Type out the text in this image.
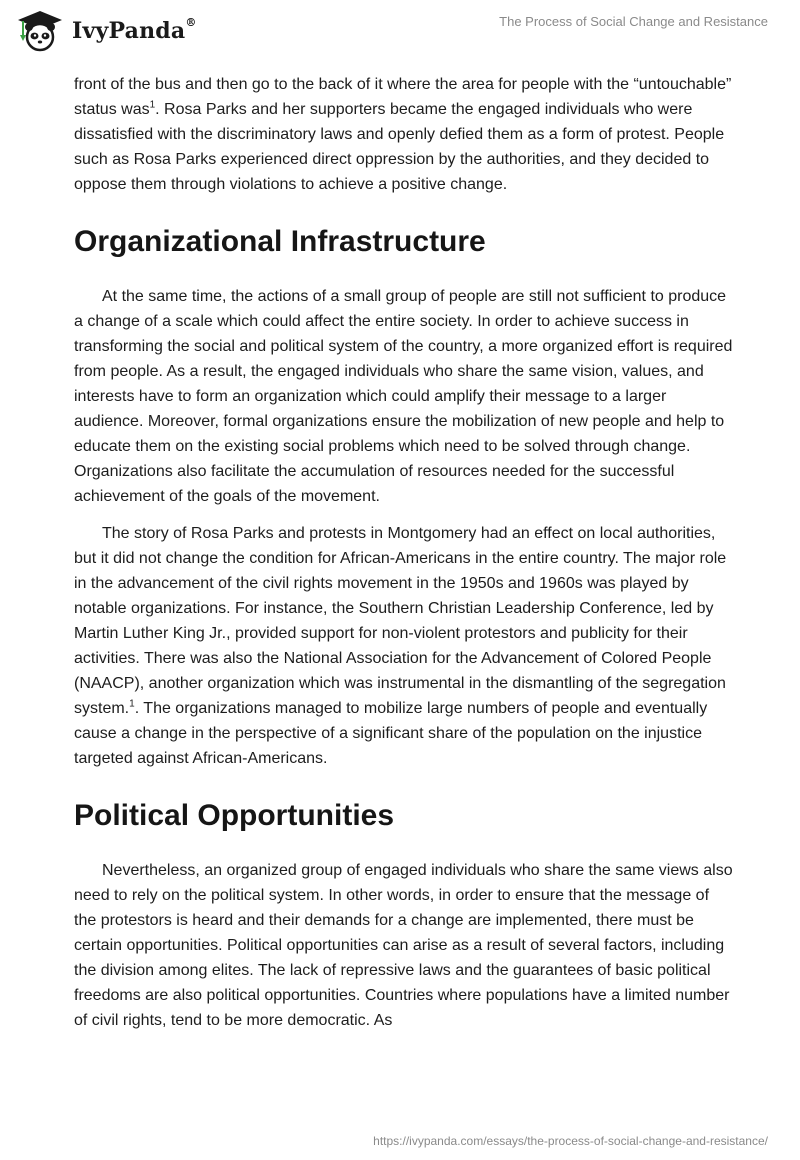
IvyPanda®	The Process of Social Change and Resistance

front of the bus and then go to the back of it where the area for people with the “untouchable” status was$^1$. Rosa Parks and her supporters became the engaged individuals who were dissatisfied with the discriminatory laws and openly defied them as a form of protest. People such as Rosa Parks experienced direct oppression by the authorities, and they decided to oppose them through violations to achieve a positive change.

Organizational Infrastructure

At the same time, the actions of a small group of people are still not sufficient to produce a change of a scale which could affect the entire society. In order to achieve success in transforming the social and political system of the country, a more organized effort is required from people. As a result, the engaged individuals who share the same vision, values, and interests have to form an organization which could amplify their message to a larger audience. Moreover, formal organizations ensure the mobilization of new people and help to educate them on the existing social problems which need to be solved through change. Organizations also facilitate the accumulation of resources needed for the successful achievement of the goals of the movement.

The story of Rosa Parks and protests in Montgomery had an effect on local authorities, but it did not change the condition for African-Americans in the entire country. The major role in the advancement of the civil rights movement in the 1950s and 1960s was played by notable organizations. For instance, the Southern Christian Leadership Conference, led by Martin Luther King Jr., provided support for non-violent protestors and publicity for their activities. There was also the National Association for the Advancement of Colored People (NAACP), another organization which was instrumental in the dismantling of the segregation system.$^1$. The organizations managed to mobilize large numbers of people and eventually cause a change in the perspective of a significant share of the population on the injustice targeted against African-Americans.

Political Opportunities

Nevertheless, an organized group of engaged individuals who share the same views also need to rely on the political system. In other words, in order to ensure that the message of the protestors is heard and their demands for a change are implemented, there must be certain opportunities. Political opportunities can arise as a result of several factors, including the division among elites. The lack of repressive laws and the guarantees of basic political freedoms are also political opportunities. Countries where populations have a limited number of civil rights, tend to be more democratic. As

https://ivypanda.com/essays/the-process-of-social-change-and-resistance/
